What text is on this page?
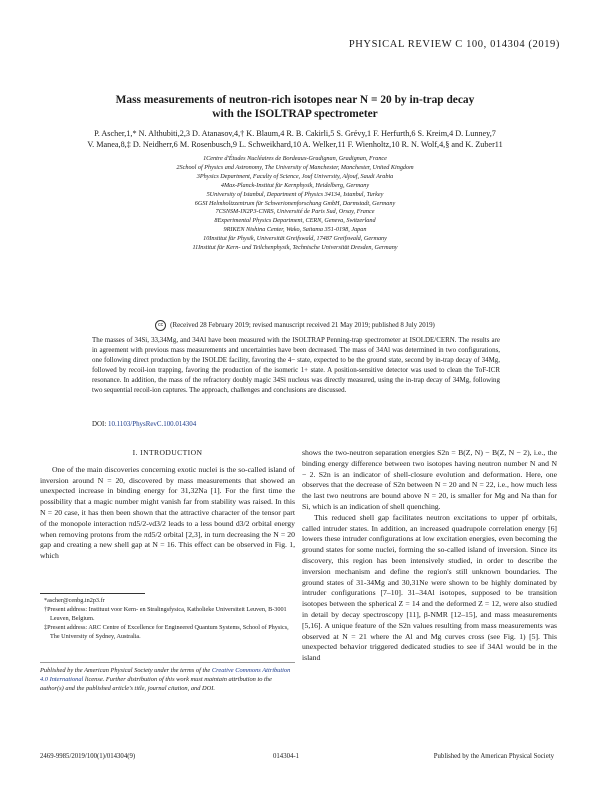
PHYSICAL REVIEW C 100, 014304 (2019)
Mass measurements of neutron-rich isotopes near N = 20 by in-trap decay
with the ISOLTRAP spectrometer
P. Ascher,1,* N. Althubiti,2,3 D. Atanasov,4,† K. Blaum,4 R. B. Cakirli,5 S. Grévy,1 F. Herfurth,6 S. Kreim,4 D. Lunney,7
V. Manea,8,‡ D. Neidherr,6 M. Rosenbusch,9 L. Schweikhard,10 A. Welker,11 F. Wienholtz,10 R. N. Wolf,4,§ and K. Zuber11
1Centre d'Études Nucléaires de Bordeaux-Gradignan, Gradignan, France
2School of Physics and Astronomy, The University of Manchester, Manchester, United Kingdom
3Physics Department, Faculty of Science, Jouf University, Aljouf, Saudi Arabia
4Max-Planck-Institut für Kernphysik, Heidelberg, Germany
5University of Istanbul, Department of Physics 34134, Istanbul, Turkey
6GSI Helmholtzzentrum für Schwerionenforschung GmbH, Darmstadt, Germany
7CSNSM-IN2P3-CNRS, Université de Paris Sud, Orsay, France
8Experimental Physics Department, CERN, Geneva, Switzerland
9RIKEN Nishina Center, Wako, Saitama 351-0198, Japan
10Institut für Physik, Universität Greifswald, 17487 Greifswald, Germany
11Institut für Kern- und Teilchenphysik, Technische Universität Dresden, Germany
cc (Received 28 February 2019; revised manuscript received 21 May 2019; published 8 July 2019)
The masses of 34Si, 33,34Mg, and 34Al have been measured with the ISOLTRAP Penning-trap spectrometer at ISOLDE/CERN. The results are in agreement with previous mass measurements and uncertainties have been decreased. The mass of 34Al was determined in two configurations, one following direct production by the ISOLDE facility, favoring the 4− state, expected to be the ground state, second by in-trap decay of 34Mg, followed by recoil-ion trapping, favoring the production of the isomeric 1+ state. A position-sensitive detector was used to clean the ToF-ICR resonance. In addition, the mass of the refractory doubly magic 34Si nucleus was directly measured, using the in-trap decay of 34Mg, following two sequential recoil-ion captures. The approach, challenges and conclusions are discussed.
DOI: 10.1103/PhysRevC.100.014304
I. INTRODUCTION

One of the main discoveries concerning exotic nuclei is the so-called island of inversion around N = 20, discovered by mass measurements that showed an unexpected increase in binding energy for 31,32Na [1]. For the first time the possibility that a magic number might vanish far from stability was raised. In this N = 20 case, it has then been shown that the attractive character of the tensor part of the monopole interaction πd5/2-νd3/2 leads to a less bound d3/2 orbital energy when removing protons from the πd5/2 orbital [2,3], in turn decreasing the N = 20 gap and creating a new shell gap at N = 16. This effect can be observed in Fig. 1, which

shows the two-neutron separation energies S2n = B(Z, N) − B(Z, N − 2), i.e., the binding energy difference between two isotopes having neutron number N and N − 2. S2n is an indicator of shell-closure evolution and deformation. Here, one observes that the decrease of S2n between N = 20 and N = 22, i.e., how much less the last two neutrons are bound above N = 20, is smaller for Mg and Na than for Si, which is an indication of shell quenching.

This reduced shell gap facilitates neutron excitations to upper pf orbitals, called intruder states. In addition, an increased quadrupole correlation energy [6] lowers these intruder configurations at low excitation energies, even becoming the ground states for some nuclei, forming the so-called island of inversion. Since its discovery, this region has been intensively studied, in order to describe the inversion mechanism and define the region's still unknown boundaries. The ground states of 31-34Mg and 30,31Ne were shown to be highly dominated by intruder configurations [7–10]. 31–34Al isotopes, supposed to be transition isotopes between the spherical Z = 14 and the deformed Z = 12, were also studied in detail by decay spectroscopy [11], β-NMR [12–15], and mass measurements [5,16]. A unique feature of the S2n values resulting from mass measurements was observed at N = 21 where the Al and Mg curves cross (see Fig. 1) [5]. This unexpected behavior triggered dedicated studies to see if 34Al would be in the island

*ascher@cenbg.in2p3.fr
†Present address: Instituut voor Kern- en Stralingsfysica, Katholieke Universiteit Leuven, B-3001 Leuven, Belgium.
‡Present address: ARC Centre of Excellence for Engineered Quantum Systems, School of Physics, The University of Sydney, Australia.
Published by the American Physical Society under the terms of the Creative Commons Attribution 4.0 International license. Further distribution of this work must maintain attribution to the author(s) and the published article's title, journal citation, and DOI.
2469-9985/2019/100(1)/014304(9)	014304-1	Published by the American Physical Society
